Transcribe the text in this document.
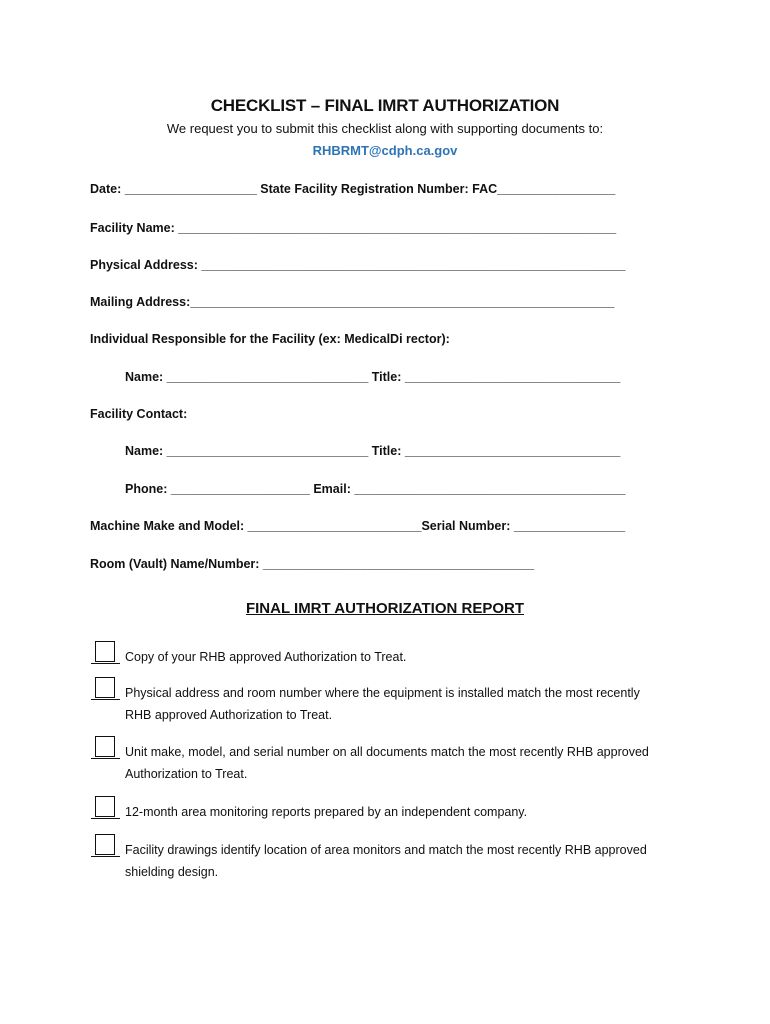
CHECKLIST – FINAL IMRT AUTHORIZATION
We request you to submit this checklist along with supporting documents to:
RHBRMT@cdph.ca.gov
Date: ___________________ State Facility Registration Number: FAC_________________
Facility Name: _______________________________________________________________
Physical Address: _____________________________________________________________
Mailing Address:_____________________________________________________________
Individual Responsible for the Facility (ex: MedicalDi rector):
Name: _____________________________ Title: _______________________________
Facility Contact:
Name: _____________________________ Title: _______________________________
Phone: ____________________ Email: _______________________________________
Machine Make and Model: _________________________Serial Number: ________________
Room (Vault) Name/Number: _______________________________________
FINAL IMRT AUTHORIZATION REPORT
Copy of your RHB approved Authorization to Treat.
Physical address and room number where the equipment is installed match the most recently RHB approved Authorization to Treat.
Unit make, model, and serial number on all documents match the most recently RHB approved Authorization to Treat.
12-month area monitoring reports prepared by an independent company.
Facility drawings identify location of area monitors and match the most recently RHB approved shielding design.
